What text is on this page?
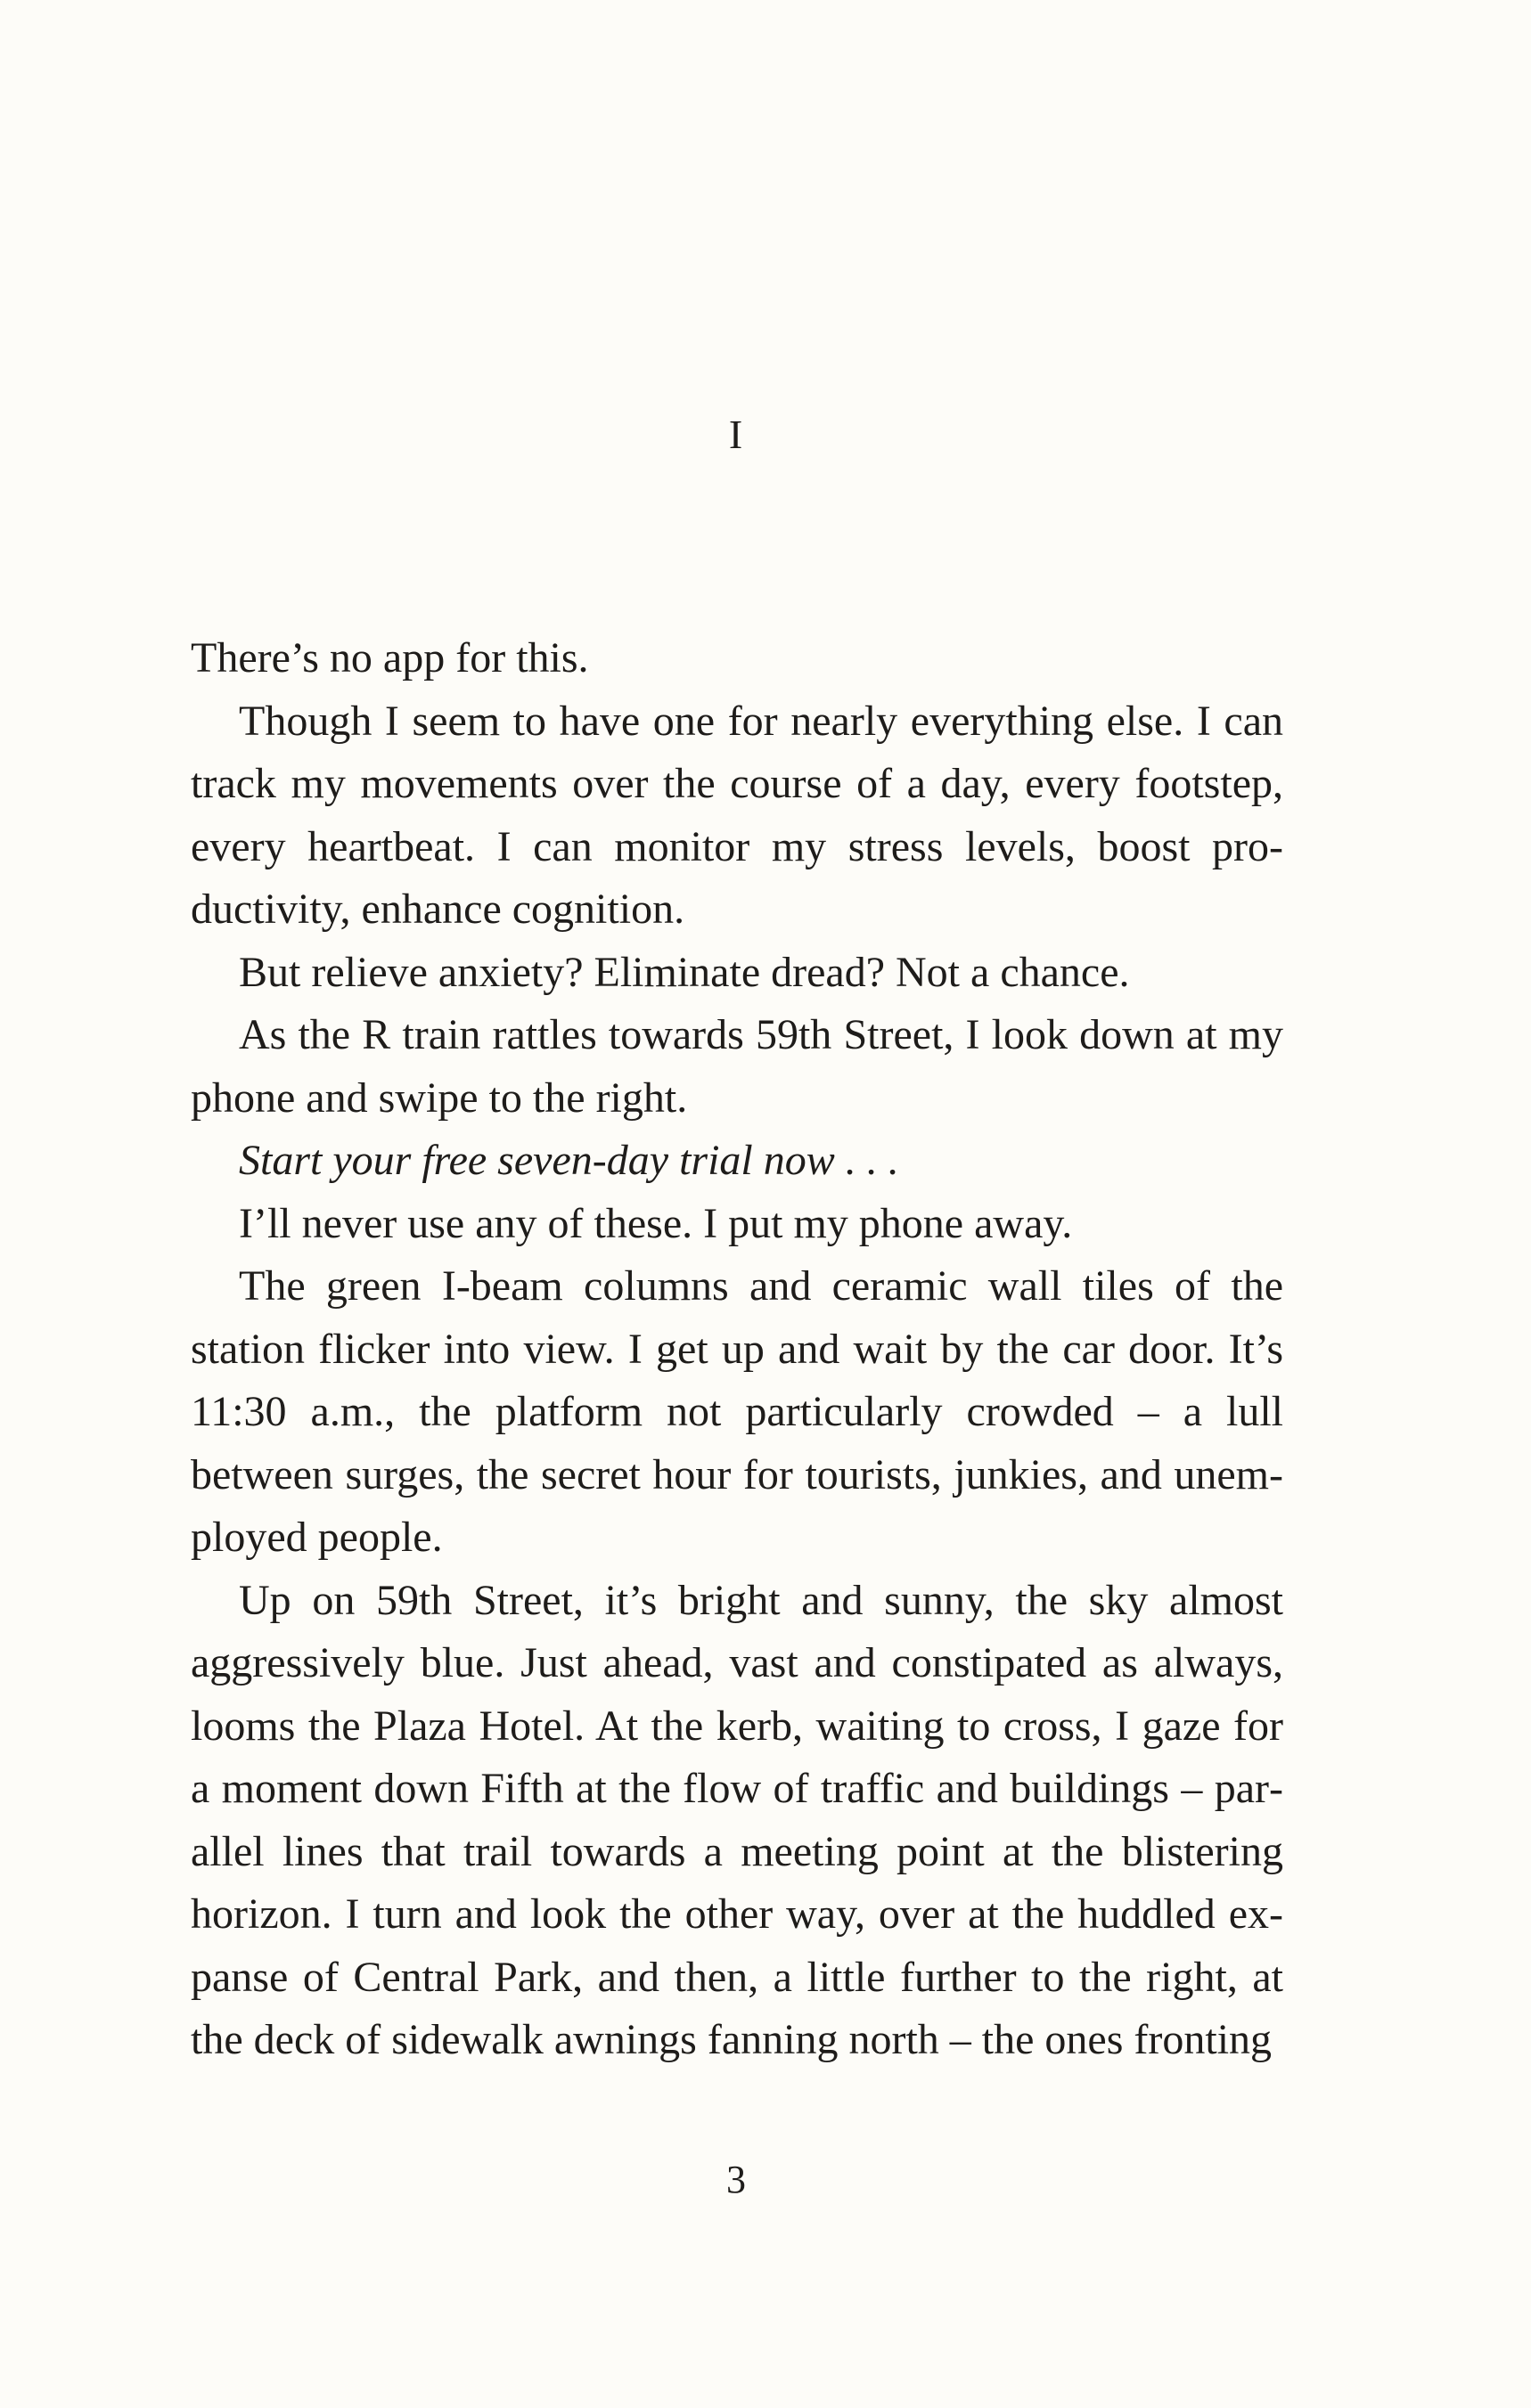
I

There’s no app for this.

Though I seem to have one for nearly everything else. I can track my movements over the course of a day, every footstep, every heartbeat. I can monitor my stress levels, boost productivity, enhance cognition.

But relieve anxiety? Eliminate dread? Not a chance.

As the R train rattles towards 59th Street, I look down at my phone and swipe to the right.

Start your free seven-day trial now . . .

I’ll never use any of these. I put my phone away.

The green I-beam columns and ceramic wall tiles of the station flicker into view. I get up and wait by the car door. It’s 11:30 a.m., the platform not particularly crowded – a lull between surges, the secret hour for tourists, junkies, and unemployed people.

Up on 59th Street, it’s bright and sunny, the sky almost aggressively blue. Just ahead, vast and constipated as always, looms the Plaza Hotel. At the kerb, waiting to cross, I gaze for a moment down Fifth at the flow of traffic and buildings – parallel lines that trail towards a meeting point at the blistering horizon. I turn and look the other way, over at the huddled expanse of Central Park, and then, a little further to the right, at the deck of sidewalk awnings fanning north – the ones fronting

3
